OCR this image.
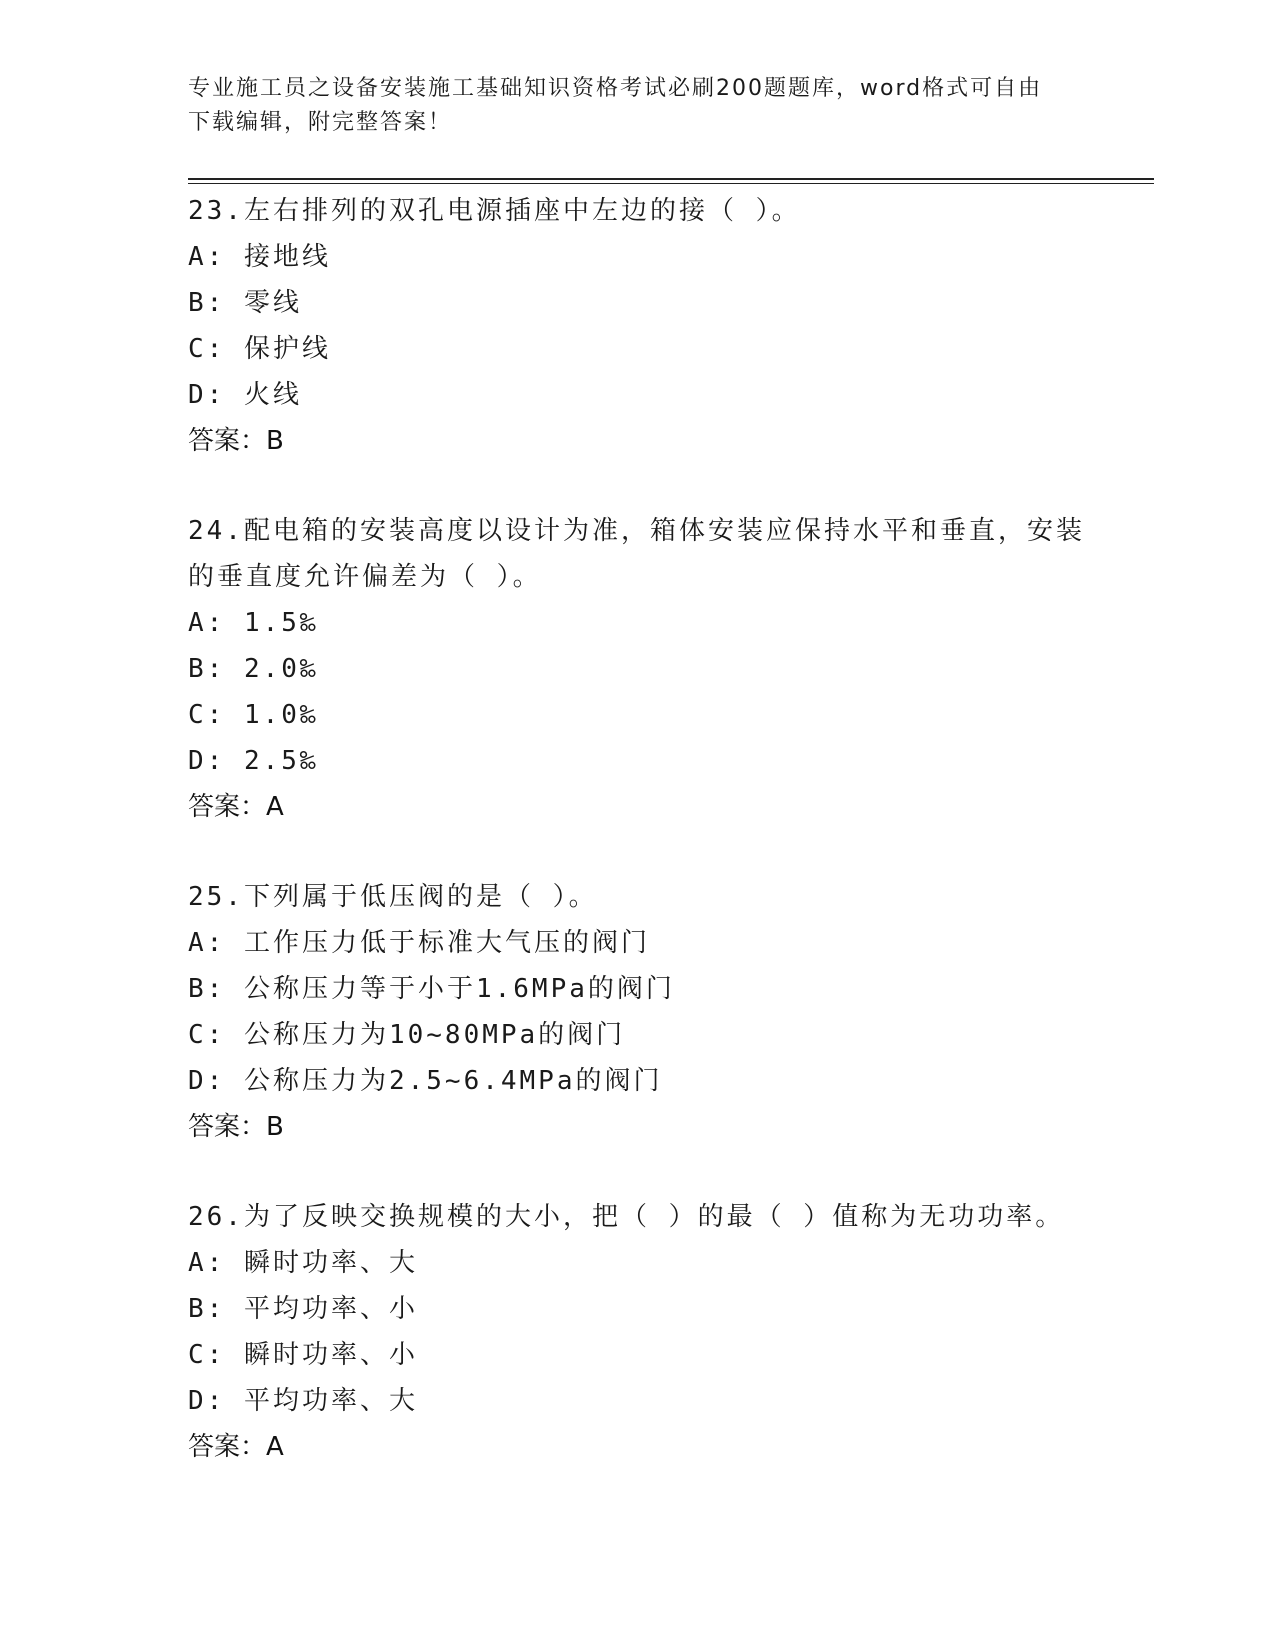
专业施工员之设备安装施工基础知识资格考试必刷200题题库，word格式可自由
下载编辑，附完整答案！
23.左右排列的双孔电源插座中左边的接（ ）。
A: 接地线
B: 零线
C: 保护线
D: 火线
答案：B
24.配电箱的安装高度以设计为准，箱体安装应保持水平和垂直，安装
的垂直度允许偏差为（ ）。
A: 1.5‰
B: 2.0‰
C: 1.0‰
D: 2.5‰
答案：A
25.下列属于低压阀的是（ ）。
A: 工作压力低于标准大气压的阀门
B: 公称压力等于小于1.6MPa的阀门
C: 公称压力为10~80MPa的阀门
D: 公称压力为2.5~6.4MPa的阀门
答案：B
26.为了反映交换规模的大小，把（ ）的最（ ）值称为无功功率。
A: 瞬时功率、大
B: 平均功率、小
C: 瞬时功率、小
D: 平均功率、大
答案：A
